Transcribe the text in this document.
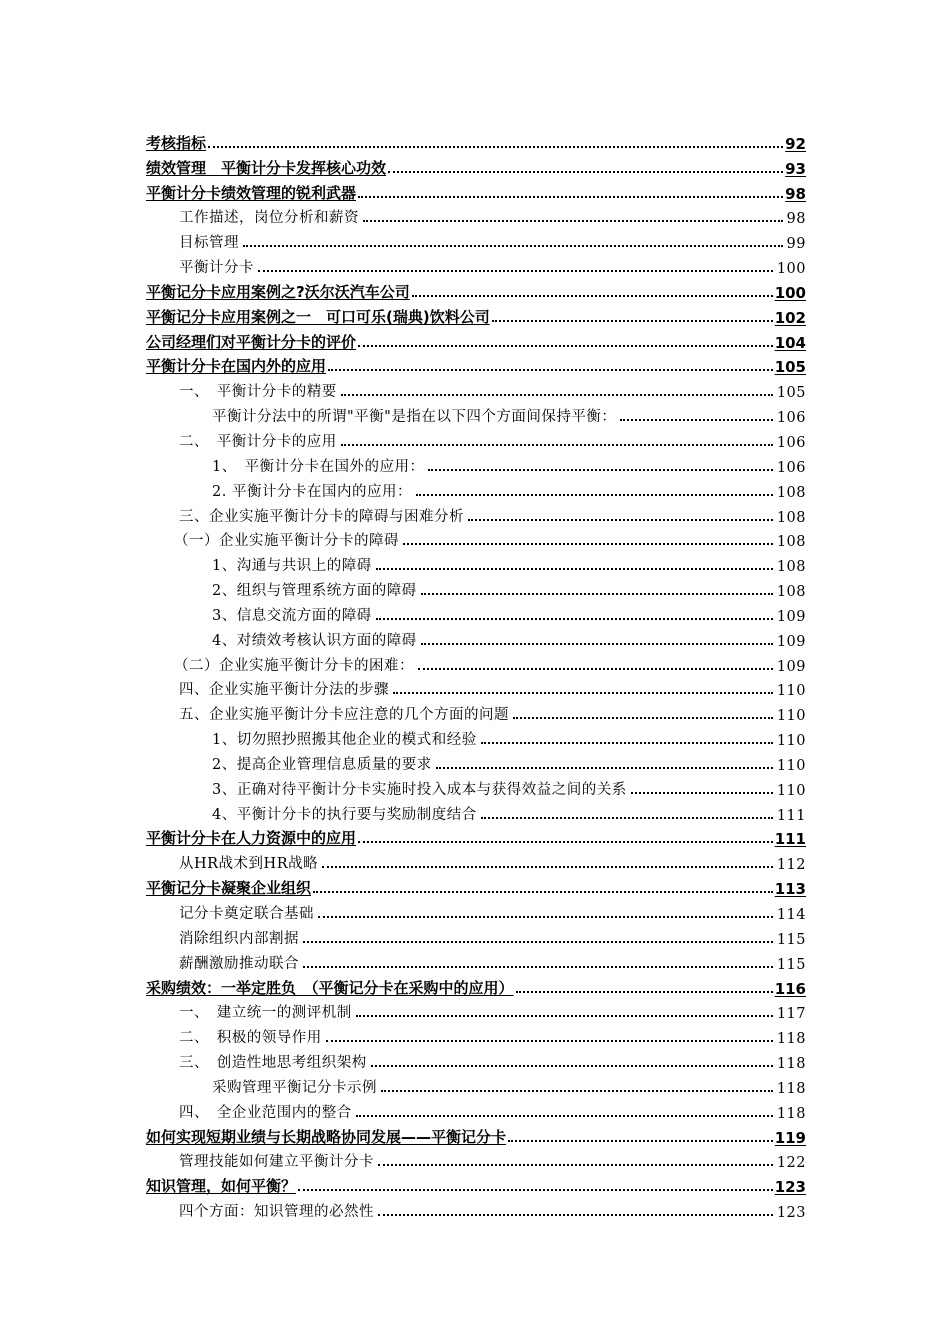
考核指标	92
绩效管理　平衡计分卡发挥核心功效	93
平衡计分卡绩效管理的锐利武器	98
工作描述，岗位分析和薪资	98
目标管理	99
平衡计分卡	100
平衡记分卡应用案例之?沃尔沃汽车公司	100
平衡记分卡应用案例之一　可口可乐(瑞典)饮料公司	102
公司经理们对平衡计分卡的评价	104
平衡计分卡在国内外的应用	105
一、　平衡计分卡的精要	105
平衡计分法中的所谓"平衡"是指在以下四个方面间保持平衡：	106
二、　平衡计分卡的应用	106
1、　平衡计分卡在国外的应用：	106
2. 平衡计分卡在国内的应用：	108
三、企业实施平衡计分卡的障碍与困难分析	108
（一）企业实施平衡计分卡的障碍	108
1、沟通与共识上的障碍	108
2、组织与管理系统方面的障碍	108
3、信息交流方面的障碍	109
4、对绩效考核认识方面的障碍	109
（二）企业实施平衡计分卡的困难：	109
四、企业实施平衡计分法的步骤	110
五、企业实施平衡计分卡应注意的几个方面的问题	110
1、切勿照抄照搬其他企业的模式和经验	110
2、提高企业管理信息质量的要求	110
3、正确对待平衡计分卡实施时投入成本与获得效益之间的关系	110
4、平衡计分卡的执行要与奖励制度结合	111
平衡计分卡在人力资源中的应用	111
从HR战术到HR战略	112
平衡记分卡凝聚企业组织	113
记分卡奠定联合基础	114
消除组织内部割据	115
薪酬激励推动联合	115
采购绩效：一举定胜负　（平衡记分卡在采购中的应用）	116
一、　建立统一的测评机制	117
二、　积极的领导作用	118
三、　创造性地思考组织架构	118
采购管理平衡记分卡示例	118
四、　全企业范围内的整合	118
如何实现短期业绩与长期战略协同发展——平衡记分卡	119
管理技能如何建立平衡计分卡	122
知识管理，如何平衡？	123
四个方面：知识管理的必然性	123
